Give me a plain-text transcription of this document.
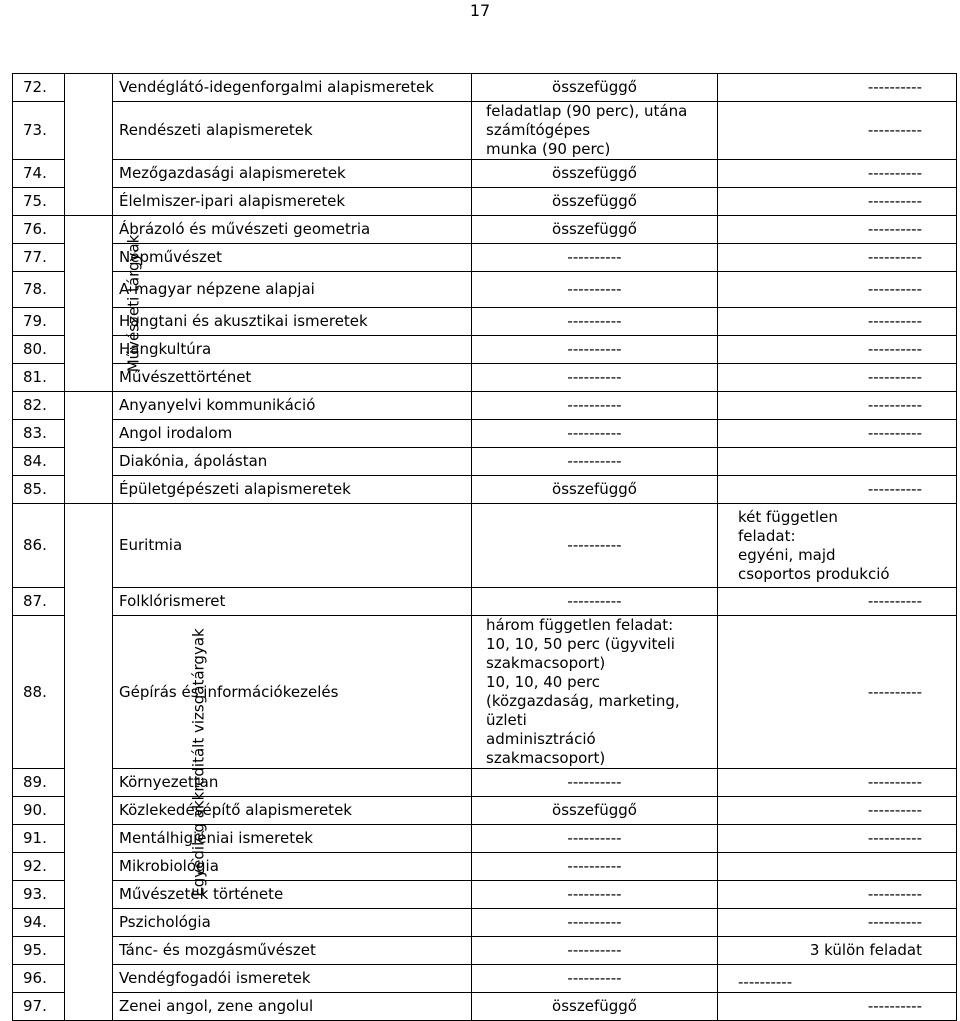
17
72.		Vendéglátó-idegenforgalmi alapismeretek	összefüggő	----------
73.		Rendészeti alapismeretek	feladatlap (90 perc), utána számítógépes
munka (90 perc)	----------
74.		Mezőgazdasági alapismeretek	összefüggő	----------
75.		Élelmiszer-ipari alapismeretek	összefüggő	----------
76.	Művészeti tárgyak	Ábrázoló és művészeti geometria	összefüggő	----------
77.		Népművészet	----------	----------
78.		A magyar népzene alapjai	----------	----------
79.		Hangtani és akusztikai ismeretek	----------	----------
80.		Hangkultúra	----------	----------
81.		Művészettörténet	----------	----------
82.		Anyanyelvi kommunikáció	----------	----------
83.		Angol irodalom	----------	----------
84.		Diakónia, ápolástan	----------	
85.		Épületgépészeti alapismeretek	összefüggő	----------
86.	Egyedileg akkreditált vizsgatárgyak	Euritmia	----------	két független
feladat:
egyéni, majd
csoportos produkció

87.		Folklórismeret	----------	----------
88.		Gépírás és információkezelés	három független feladat:
10, 10, 50 perc (ügyviteli szakmacsoport)
10, 10, 40 perc
(közgazdaság, marketing, üzleti
adminisztráció szakmacsoport)	----------
89.		Környezettan	----------	----------
90.		Közlekedésépítő alapismeretek	összefüggő	----------
91.		Mentálhigiéniai ismeretek	----------	----------
92.		Mikrobiológia	----------	
93.		Művészetek története	----------	----------
94.		Pszichológia	----------	----------
95.		Tánc- és mozgásművészet	----------	3 külön feladat
96.		Vendégfogadói ismeretek	----------	----------
97.		Zenei angol, zene angolul	összefüggő	----------
